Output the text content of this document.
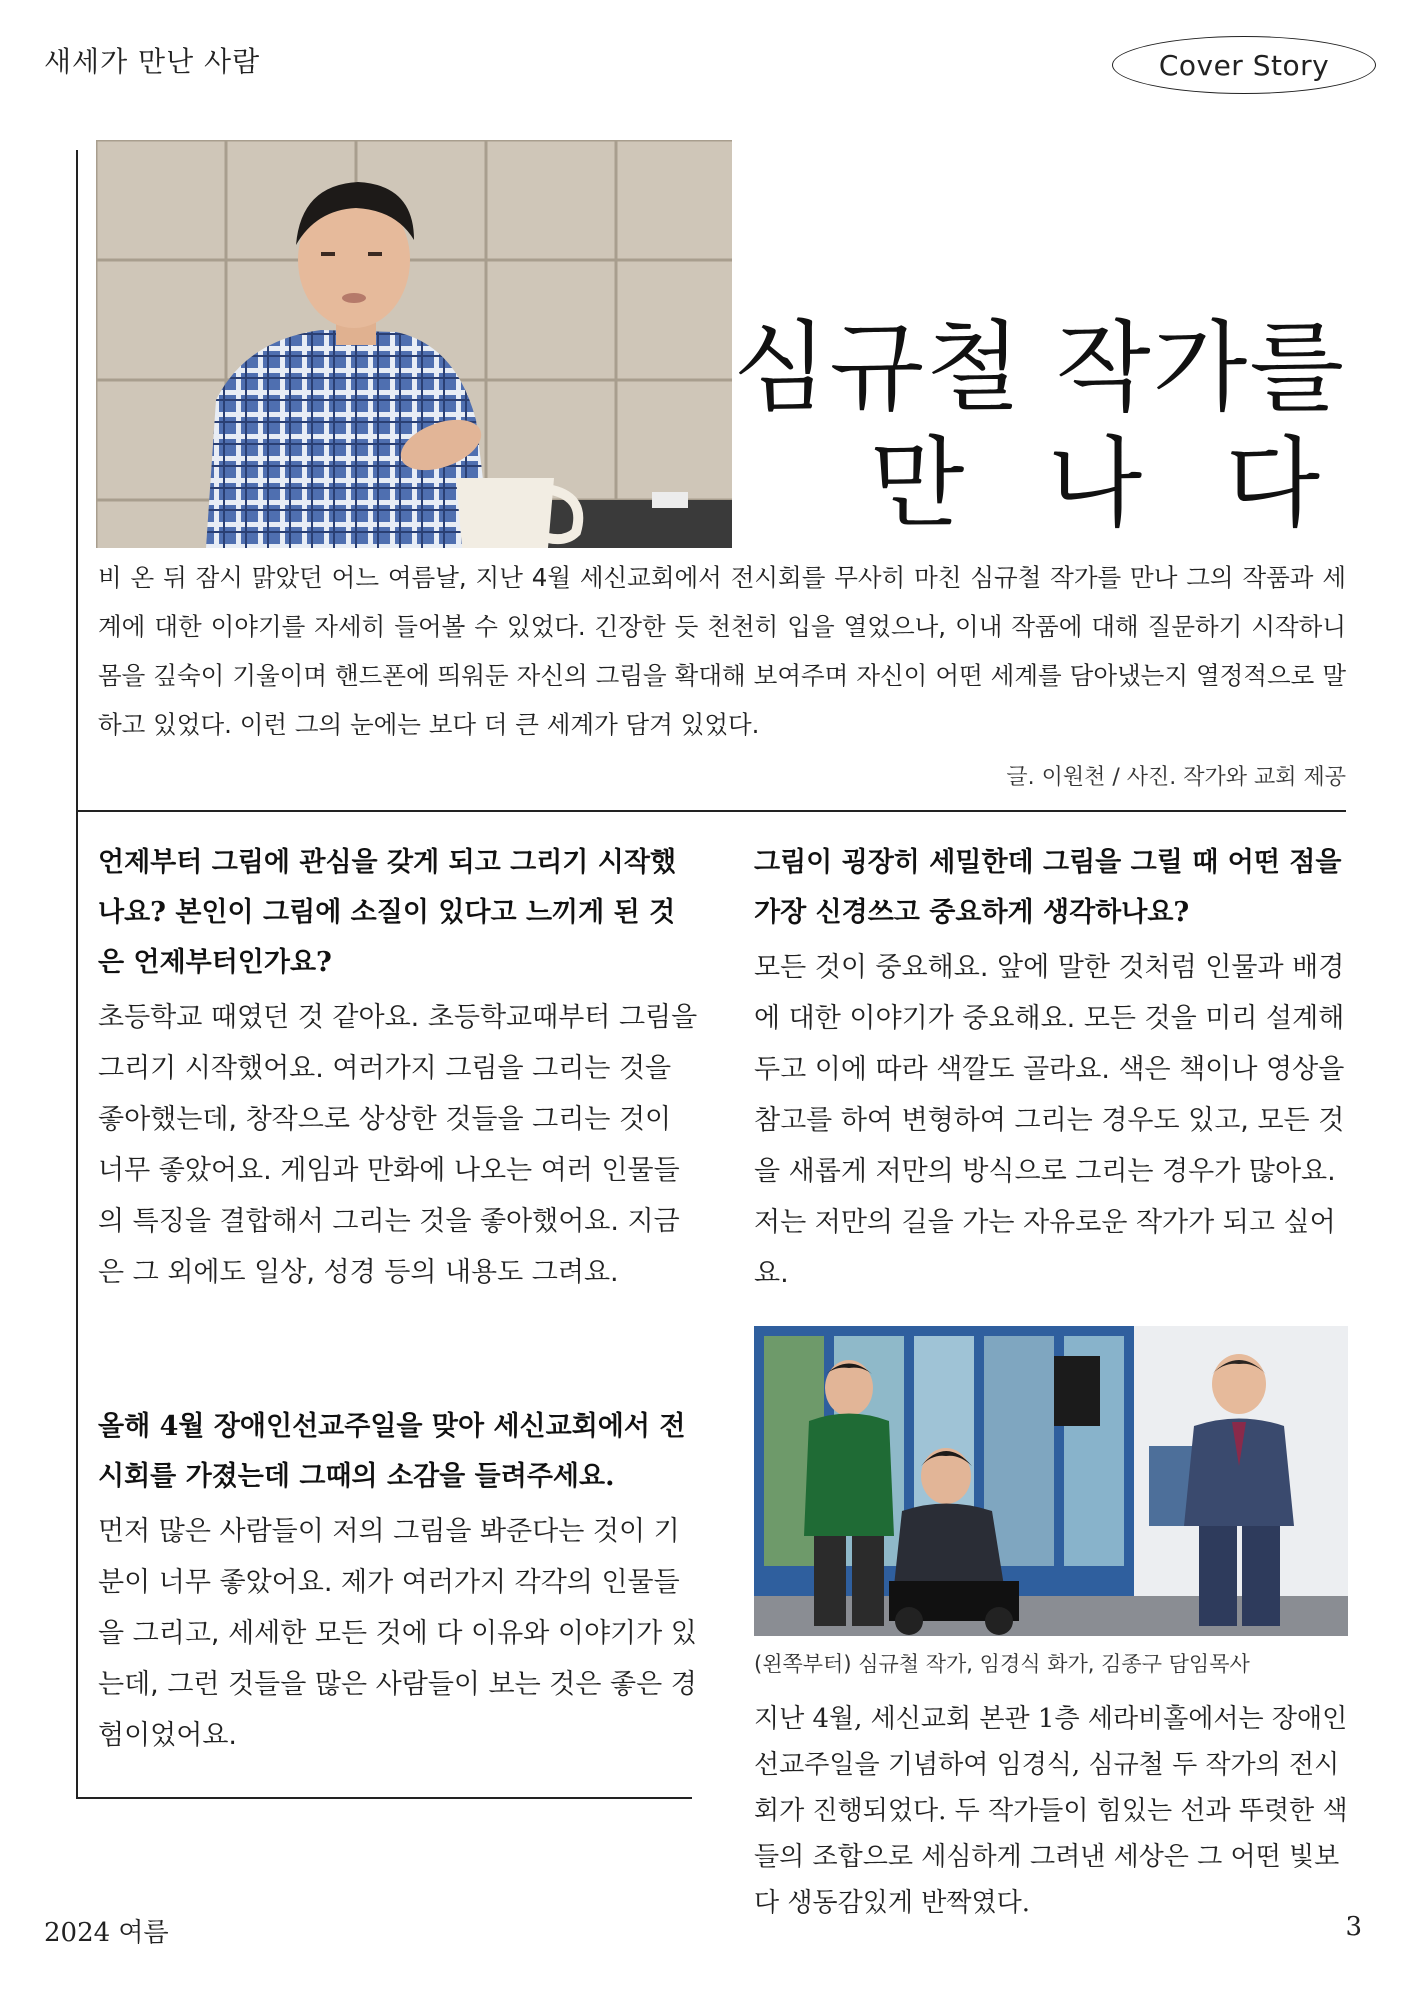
새세가 만난 사람	Cover Story
심규철 작가를
만 나 다
비 온 뒤 잠시 맑았던 어느 여름날, 지난 4월 세신교회에서 전시회를 무사히 마친 심규철 작가를 만나 그의 작품과 세계에 대한 이야기를 자세히 들어볼 수 있었다. 긴장한 듯 천천히 입을 열었으나, 이내 작품에 대해 질문하기 시작하니 몸을 깊숙이 기울이며 핸드폰에 띄워둔 자신의 그림을 확대해 보여주며 자신이 어떤 세계를 담아냈는지 열정적으로 말하고 있었다. 이런 그의 눈에는 보다 더 큰 세계가 담겨 있었다.
글. 이원천 / 사진. 작가와 교회 제공
언제부터 그림에 관심을 갖게 되고 그리기 시작했나요? 본인이 그림에 소질이 있다고 느끼게 된 것은 언제부터인가요?
초등학교 때였던 것 같아요. 초등학교때부터 그림을 그리기 시작했어요. 여러가지 그림을 그리는 것을 좋아했는데, 창작으로 상상한 것들을 그리는 것이 너무 좋았어요. 게임과 만화에 나오는 여러 인물들의 특징을 결합해서 그리는 것을 좋아했어요. 지금은 그 외에도 일상, 성경 등의 내용도 그려요.
올해 4월 장애인선교주일을 맞아 세신교회에서 전시회를 가졌는데 그때의 소감을 들려주세요.
먼저 많은 사람들이 저의 그림을 봐준다는 것이 기분이 너무 좋았어요. 제가 여러가지 각각의 인물들을 그리고, 세세한 모든 것에 다 이유와 이야기가 있는데, 그런 것들을 많은 사람들이 보는 것은 좋은 경험이었어요.
그림이 굉장히 세밀한데 그림을 그릴 때 어떤 점을 가장 신경쓰고 중요하게 생각하나요?
모든 것이 중요해요. 앞에 말한 것처럼 인물과 배경에 대한 이야기가 중요해요. 모든 것을 미리 설계해두고 이에 따라 색깔도 골라요. 색은 책이나 영상을 참고를 하여 변형하여 그리는 경우도 있고, 모든 것을 새롭게 저만의 방식으로 그리는 경우가 많아요. 저는 저만의 길을 가는 자유로운 작가가 되고 싶어요.
(왼쪽부터) 심규철 작가, 임경식 화가, 김종구 담임목사
지난 4월, 세신교회 본관 1층 세라비홀에서는 장애인선교주일을 기념하여 임경식, 심규철 두 작가의 전시회가 진행되었다. 두 작가들이 힘있는 선과 뚜렷한 색들의 조합으로 세심하게 그려낸 세상은 그 어떤 빛보다 생동감있게 반짝였다.
2024 여름	3
